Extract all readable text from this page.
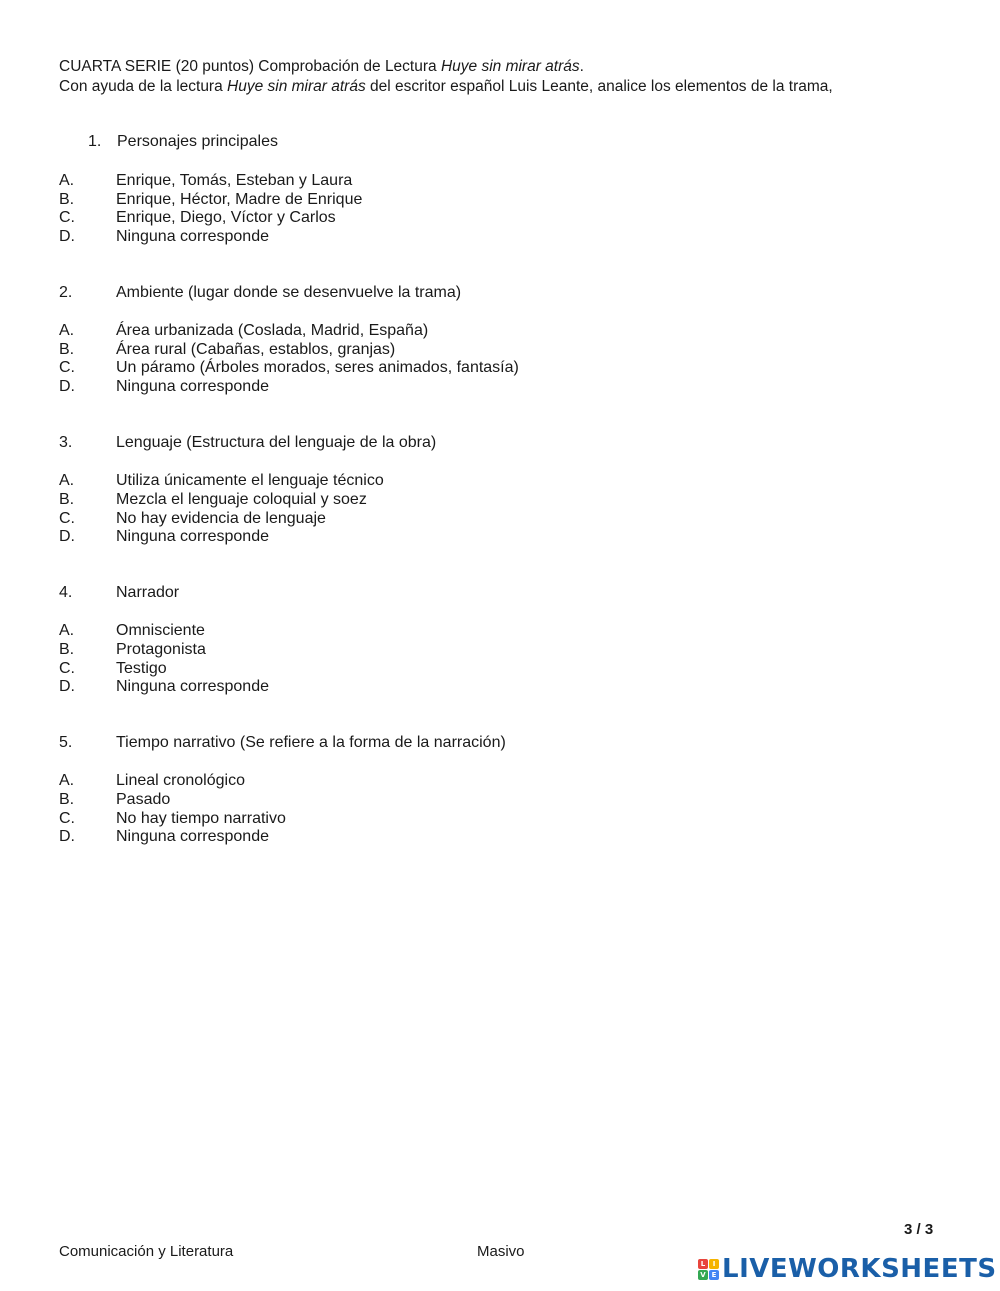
CUARTA SERIE (20 puntos) Comprobación de Lectura Huye sin mirar atrás.
Con ayuda de la lectura Huye sin mirar atrás del escritor español Luis Leante, analice los elementos de la trama,
1. Personajes principales
A.	Enrique, Tomás, Esteban y Laura
B.	Enrique, Héctor, Madre de Enrique
C.	Enrique, Diego, Víctor y Carlos
D.	Ninguna corresponde
2.	Ambiente (lugar donde se desenvuelve la trama)
A.	Área urbanizada (Coslada, Madrid, España)
B.	Área rural (Cabañas, establos, granjas)
C.	Un páramo (Árboles morados, seres animados, fantasía)
D.	Ninguna corresponde
3.	Lenguaje (Estructura del lenguaje de la obra)
A.	Utiliza únicamente el lenguaje técnico
B.	Mezcla el lenguaje coloquial y soez
C.	No hay evidencia de lenguaje
D.	Ninguna corresponde
4.	Narrador
A.	Omnisciente
B.	Protagonista
C.	Testigo
D.	Ninguna corresponde
5.	Tiempo narrativo (Se refiere a la forma de la narración)
A.	Lineal cronológico
B.	Pasado
C.	No hay tiempo narrativo
D.	Ninguna corresponde
3 / 3
Comunicación y Literatura	Masivo
L	I
V E LIVEWORKSHEETS
